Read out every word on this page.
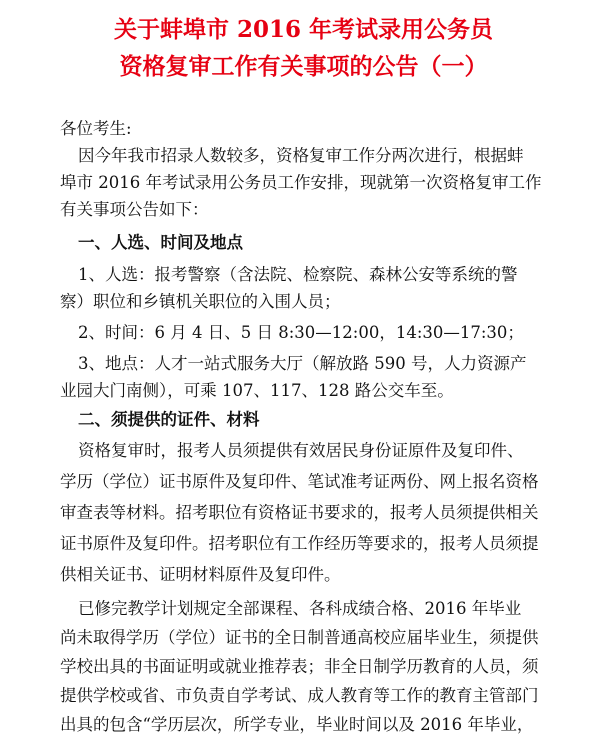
关于蚌埠市 2016 年考试录用公务员
资格复审工作有关事项的公告（一）
各位考生:
因今年我市招录人数较多，资格复审工作分两次进行，根据蚌
埠市 2016 年考试录用公务员工作安排，现就第一次资格复审工作
有关事项公告如下：
一、人选、时间及地点
1、人选：报考警察（含法院、检察院、森林公安等系统的警
察）职位和乡镇机关职位的入围人员；
2、时间：6 月 4 日、5 日 8:30—12:00，14:30—17:30；
3、地点：人才一站式服务大厅（解放路 590 号，人力资源产
业园大门南侧），可乘 107、117、128 路公交车至。
二、须提供的证件、材料
资格复审时，报考人员须提供有效居民身份证原件及复印件、
学历（学位）证书原件及复印件、笔试准考证两份、网上报名资格
审查表等材料。招考职位有资格证书要求的，报考人员须提供相关
证书原件及复印件。招考职位有工作经历等要求的，报考人员须提
供相关证书、证明材料原件及复印件。
已修完教学计划规定全部课程、各科成绩合格、2016 年毕业
尚未取得学历（学位）证书的全日制普通高校应届毕业生，须提供
学校出具的书面证明或就业推荐表；非全日制学历教育的人员，须
提供学校或省、市负责自学考试、成人教育等工作的教育主管部门
出具的包含“学历层次，所学专业，毕业时间以及 2016 年毕业，
